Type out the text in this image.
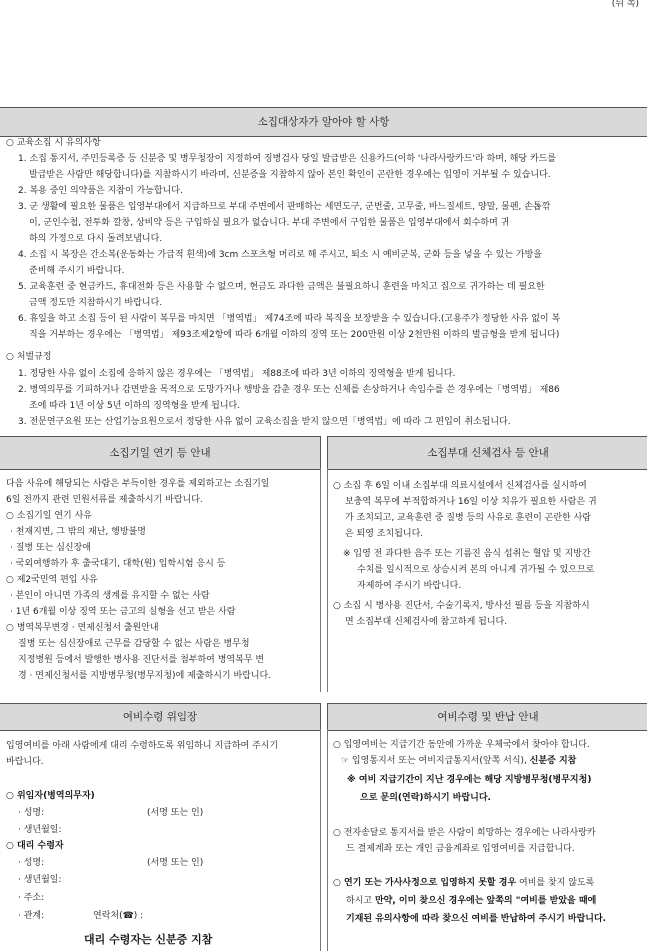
(뒤 쪽)
소집대상자가 알아야 할 사항
○ 교육소집 시 유의사항
1. 소집 통지서, 주민등록증 등 신분증 및 병무청장이 지정하여 징병검사 당일 발급받은 신용카드(이하 '나라사랑카드'라 하며, 해당 카드를
발급받은 사람만 해당합니다)를 지참하시기 바라며, 신분증을 지참하지 않아 본인 확인이 곤란한 경우에는 입영이 거부될 수 있습니다.
2. 복용 중인 의약품은 지참이 가능합니다.
3. 군 생활에 필요한 물품은 입영부대에서 지급하므로 부대 주변에서 판매하는 세면도구, 군번줄, 고무줄, 바느질세트, 양말, 물펜, 손톱깎
이, 군인수첩, 전투화 깔창, 상비약 등은 구입하실 필요가 없습니다. 부대 주변에서 구입한 물품은 입영부대에서 회수하며 귀
하의 가정으로 다시 돌려보냅니다.
4. 소집 시 복장은 간소복(운동화는 가급적 흰색)에 3cm 스포츠형 머리로 해 주시고, 퇴소 시 예비군복, 군화 등을 넣을 수 있는 가방을
준비해 주시기 바랍니다.
5. 교육훈련 중 현금카드, 휴대전화 등은 사용할 수 없으며, 현금도 과다한 금액은 불필요하니 훈련을 마치고 집으로 귀가하는 데 필요한
금액 정도만 지참하시기 바랍니다.
6. 휴일을 하고 소집 등이 된 사람이 복무를 마치면 「병역법」 제74조에 따라 복직을 보장받을 수 있습니다.(고용주가 정당한 사유 없이 복
직을 거부하는 경우에는 「병역법」 제93조제2항에 따라 6개월 이하의 징역 또는 200만원 이상 2천만원 이하의 벌금형을 받게 됩니다)
○ 처벌규정
1. 정당한 사유 없이 소집에 응하지 않은 경우에는 「병역법」 제88조에 따라 3년 이하의 징역형을 받게 됩니다.
2. 병역의무를 기피하거나 감면받을 목적으로 도망가거나 행방을 감춘 경우 또는 신체를 손상하거나 속임수를 쓴 경우에는「병역법」 제86
조에 따라 1년 이상 5년 이하의 징역형을 받게 됩니다.
3. 전문연구요원 또는 산업기능요원으로서 정당한 사유 없이 교육소집을 받지 않으면「병역법」에 따라 그 편입이 취소됩니다.
소집기일 연기 등 안내	소집부대 신체검사 등 안내
다음 사유에 해당되는 사람은 부득이한 경우를 제외하고는 소집기일
6일 전까지 관련 민원서류를 제출하시기 바랍니다.
○ 소집기일 연기 사유
· 천재지변, 그 밖의 재난, 행방불명
· 질병 또는 심신장애
· 국외여행하가 후 출국대기, 대학(원) 입학시험 응시 등
○ 제2국민역 편입 사유
· 본인이 아니면 가족의 생계를 유지할 수 없는 사람
· 1년 6개월 이상 징역 또는 금고의 실형을 선고 받은 사람
○ 병역복무변경 · 면제신청서 출원안내
질병 또는 심신장애로 근무를 감당할 수 없는 사람은 병무청
지정병원 등에서 발행한 병사용 진단서를 첨부하여 병역복무 변
경 · 면제신청서를 지방병무청(병무지청)에 제출하시기 바랍니다.
○ 소집 후 6일 이내 소집부대 의료시설에서 신체검사를 실시하여
보충역 복무에 부적합하거나 16일 이상 치유가 필요한 사람은 귀
가 조치되고, 교육훈련 중 질병 등의 사유로 훈련이 곤란한 사람
은 퇴영 조치됩니다.
※ 입영 전 과다한 음주 또는 기름진 음식 섭취는 혈압 및 지방간
수치를 일시적으로 상승시켜 본의 아니게 귀가될 수 있으므로
자제하여 주시기 바랍니다.
○ 소집 시 병사용 진단서, 수술기록지, 방사선 필름 등을 지참하시
면 소집부대 신체검사에 참고하게 됩니다.
여비수령 위임장	여비수령 및 반납 안내
입영여비를 아래 사람에게 대리 수령하도록 위임하니 지급하여 주시기
바랍니다.
○ 위임자(병역의무자)
· 성명:	(서명 또는 인)
· 생년월일:
○ 대리 수령자
· 성명:	(서명 또는 인)
· 생년월일:
· 주소:
· 관계:	연락처(☎) :
대리 수령자는 신분증 지참
○ 입영여비는 지급기간 동안에 가까운 우체국에서 찾아야 합니다.
☞ 입영통지서 또는 여비지급통지서(앞쪽 서식), 신분증 지참
※ 여비 지급기간이 지난 경우에는 해당 지방병무청(병무지청)
으로 문의(연락)하시기 바랍니다.
○ 전자송달로 통지서를 받은 사람이 희망하는 경우에는 나라사랑카
드 결제계좌 또는 개인 금융계좌로 입영여비를 지급합니다.
○ 연기 또는 가사사정으로 입영하지 못할 경우 여비를 찾지 않도록
하시고 만약, 이미 찾으신 경우에는 앞쪽의 "여비를 받았을 때에
기재된 유의사항에 따라 찾으신 여비를 반납하여 주시기 바랍니다.
